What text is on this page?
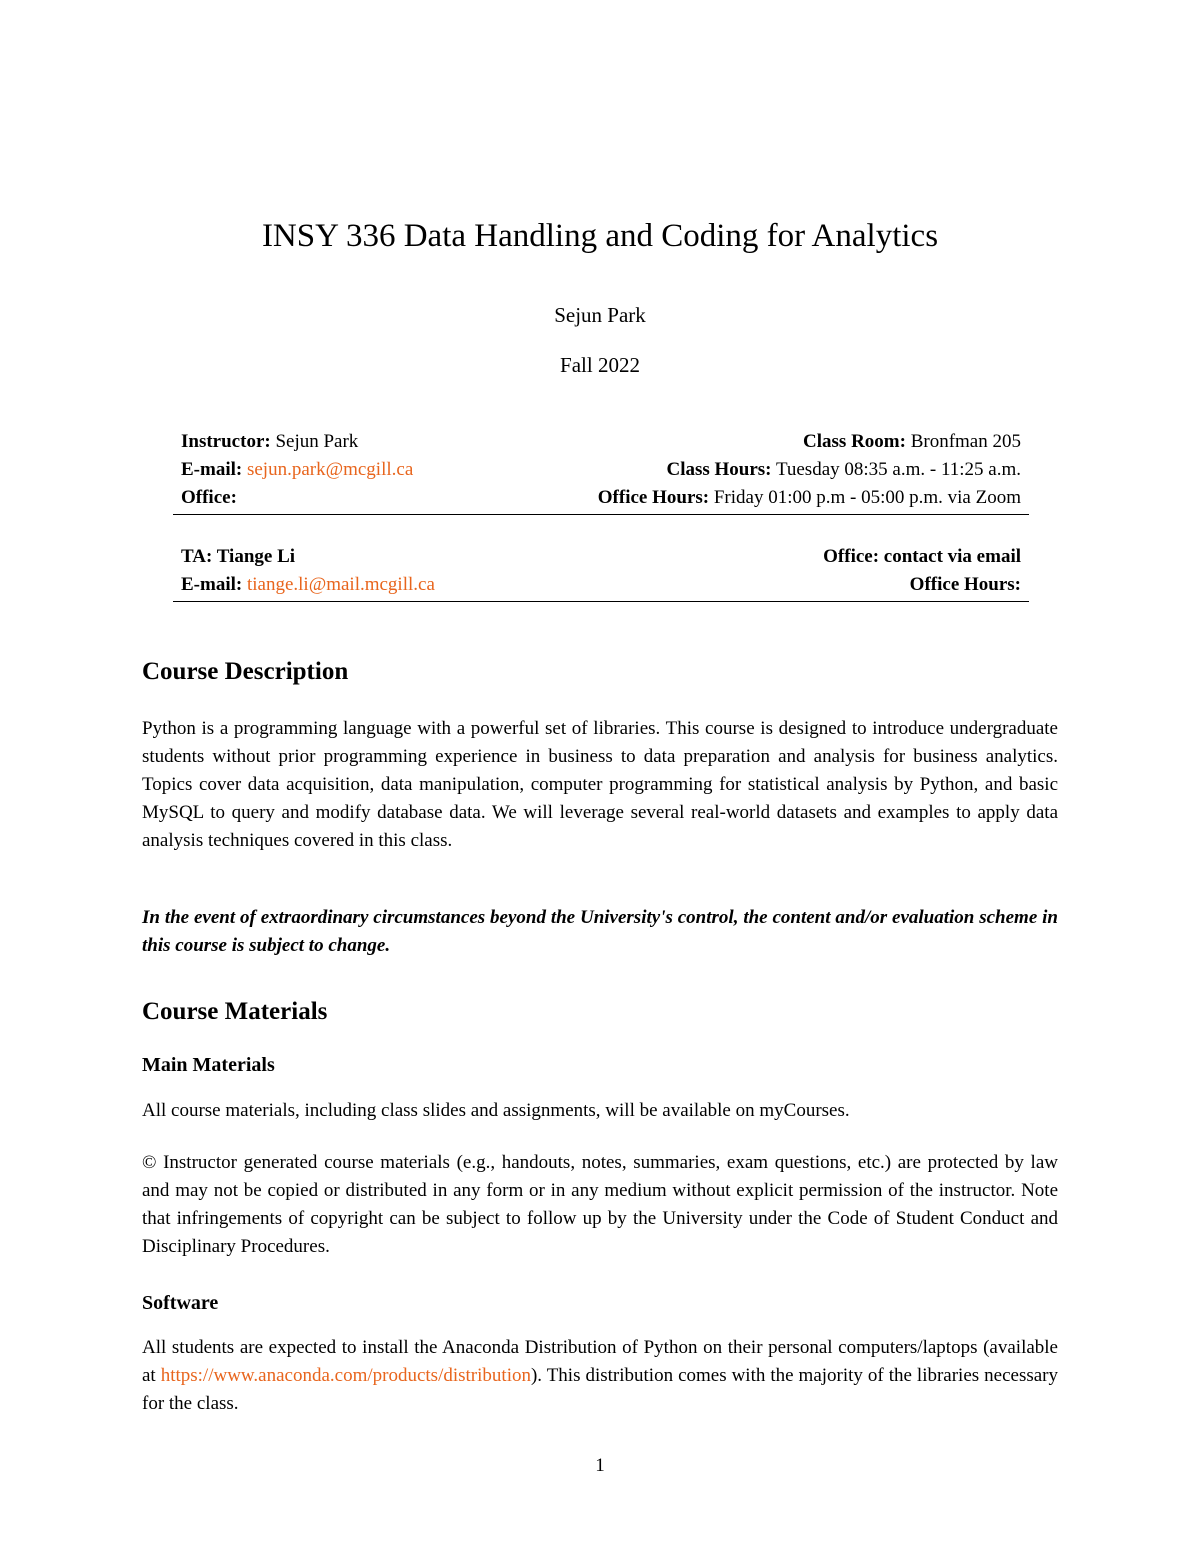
INSY 336 Data Handling and Coding for Analytics
Sejun Park
Fall 2022
Instructor: Sejun Park	Class Room: Bronfman 205
E-mail: sejun.park@mcgill.ca	Class Hours: Tuesday 08:35 a.m. - 11:25 a.m.
Office:	Office Hours: Friday 01:00 p.m - 05:00 p.m. via Zoom
TA: Tiange Li	Office: contact via email
E-mail: tiange.li@mail.mcgill.ca	Office Hours:
Course Description

Python is a programming language with a powerful set of libraries. This course is designed to introduce undergraduate students without prior programming experience in business to data preparation and analysis for business analytics. Topics cover data acquisition, data manipulation, computer programming for statistical analysis by Python, and basic MySQL to query and modify database data. We will leverage several real-world datasets and examples to apply data analysis techniques covered in this class.

In the event of extraordinary circumstances beyond the University's control, the content and/or evaluation scheme in this course is subject to change.

Course Materials
Main Materials

All course materials, including class slides and assignments, will be available on myCourses.

© Instructor generated course materials (e.g., handouts, notes, summaries, exam questions, etc.) are protected by law and may not be copied or distributed in any form or in any medium without explicit permission of the instructor. Note that infringements of copyright can be subject to follow up by the University under the Code of Student Conduct and Disciplinary Procedures.

Software

All students are expected to install the Anaconda Distribution of Python on their personal computers/laptops (available at https://www.anaconda.com/products/distribution). This distribution comes with the majority of the libraries necessary for the class.

1
